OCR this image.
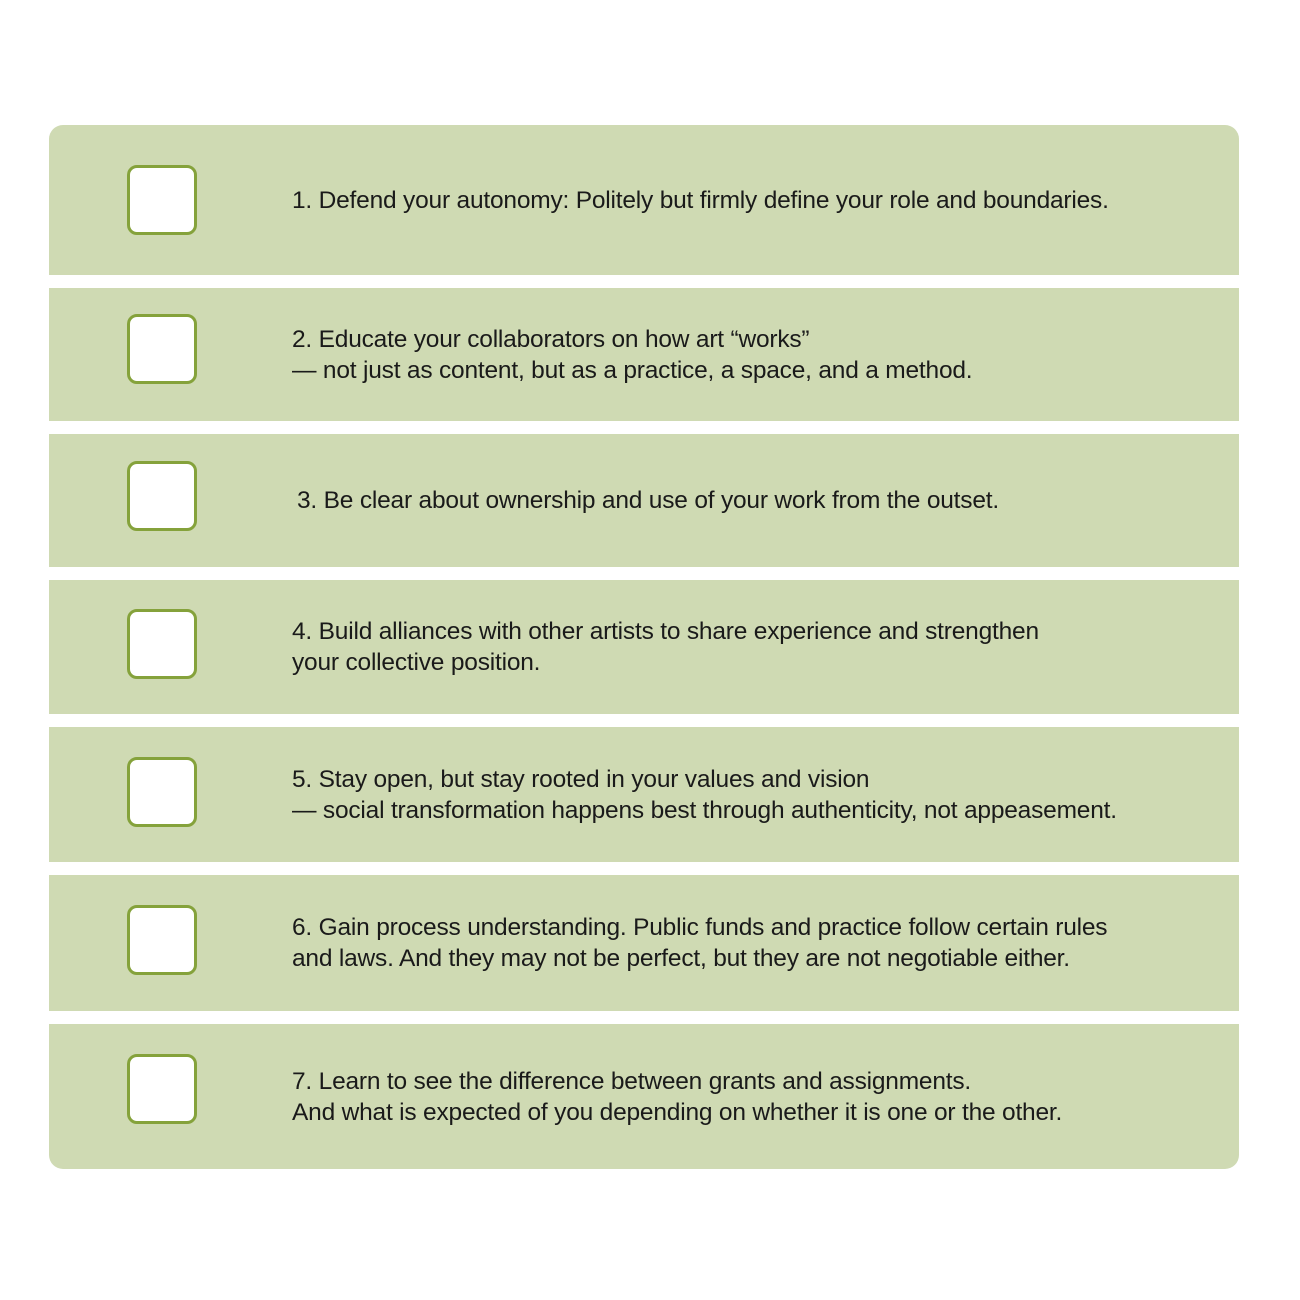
1. Defend your autonomy: Politely but firmly define your role and boundaries.
2. Educate your collaborators on how art “works”
— not just as content, but as a practice, a space, and a method.
3. Be clear about ownership and use of your work from the outset.
4. Build alliances with other artists to share experience and strengthen
your collective position.
5. Stay open, but stay rooted in your values and vision
— social transformation happens best through authenticity, not appeasement.
6. Gain process understanding. Public funds and practice follow certain rules
and laws. And they may not be perfect, but they are not negotiable either.
7. Learn to see the difference between grants and assignments.
And what is expected of you depending on whether it is one or the other.
